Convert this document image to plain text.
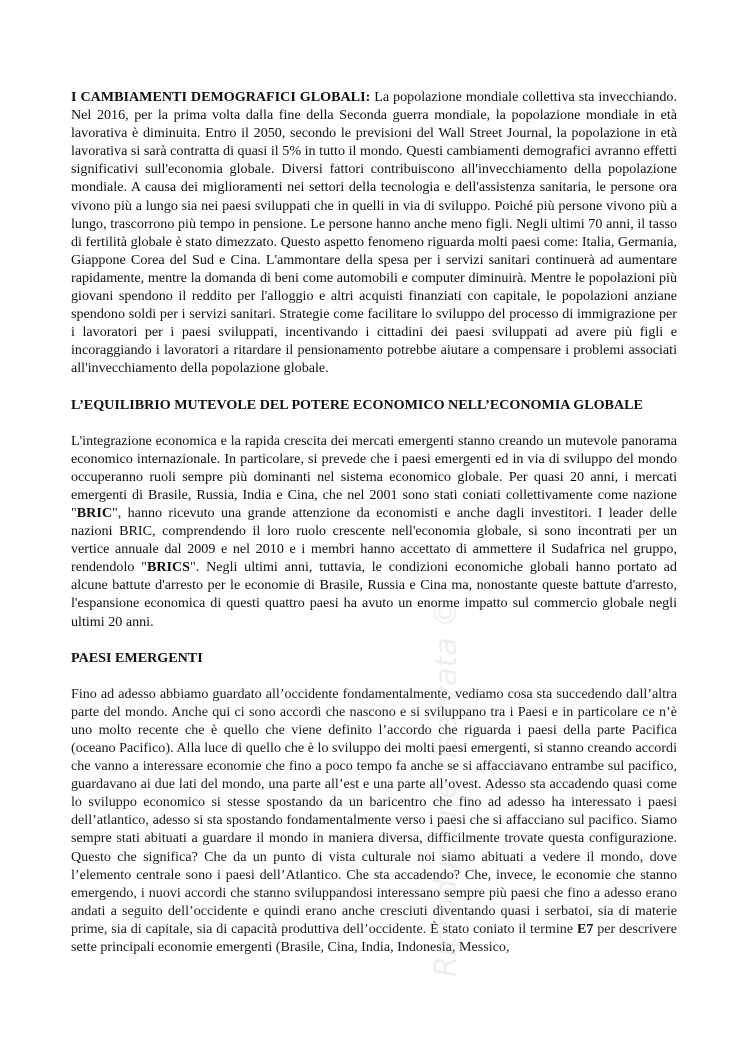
I CAMBIAMENTI DEMOGRAFICI GLOBALI: La popolazione mondiale collettiva sta invecchiando. Nel 2016, per la prima volta dalla fine della Seconda guerra mondiale, la popolazione mondiale in età lavorativa è diminuita. Entro il 2050, secondo le previsioni del Wall Street Journal, la popolazione in età lavorativa si sarà contratta di quasi il 5% in tutto il mondo. Questi cambiamenti demografici avranno effetti significativi sull'economia globale. Diversi fattori contribuiscono all'invecchiamento della popolazione mondiale. A causa dei miglioramenti nei settori della tecnologia e dell'assistenza sanitaria, le persone ora vivono più a lungo sia nei paesi sviluppati che in quelli in via di sviluppo. Poiché più persone vivono più a lungo, trascorrono più tempo in pensione. Le persone hanno anche meno figli. Negli ultimi 70 anni, il tasso di fertilità globale è stato dimezzato. Questo aspetto fenomeno riguarda molti paesi come: Italia, Germania, Giappone Corea del Sud e Cina. L'ammontare della spesa per i servizi sanitari continuerà ad aumentare rapidamente, mentre la domanda di beni come automobili e computer diminuirà. Mentre le popolazioni più giovani spendono il reddito per l'alloggio e altri acquisti finanziati con capitale, le popolazioni anziane spendono soldi per i servizi sanitari. Strategie come facilitare lo sviluppo del processo di immigrazione per i lavoratori per i paesi sviluppati, incentivando i cittadini dei paesi sviluppati ad avere più figli e incoraggiando i lavoratori a ritardare il pensionamento potrebbe aiutare a compensare i problemi associati all'invecchiamento della popolazione globale.

L’EQUILIBRIO MUTEVOLE DEL POTERE ECONOMICO NELL’ECONOMIA GLOBALE

L'integrazione economica e la rapida crescita dei mercati emergenti stanno creando un mutevole panorama economico internazionale. In particolare, si prevede che i paesi emergenti ed in via di sviluppo del mondo occuperanno ruoli sempre più dominanti nel sistema economico globale. Per quasi 20 anni, i mercati emergenti di Brasile, Russia, India e Cina, che nel 2001 sono stati coniati collettivamente come nazione "BRIC", hanno ricevuto una grande attenzione da economisti e anche dagli investitori. I leader delle nazioni BRIC, comprendendo il loro ruolo crescente nell'economia globale, si sono incontrati per un vertice annuale dal 2009 e nel 2010 e i membri hanno accettato di ammettere il Sudafrica nel gruppo, rendendolo "BRICS". Negli ultimi anni, tuttavia, le condizioni economiche globali hanno portato ad alcune battute d'arresto per le economie di Brasile, Russia e Cina ma, nonostante queste battute d'arresto, l'espansione economica di questi quattro paesi ha avuto un enorme impatto sul commercio globale negli ultimi 20 anni.

PAESI EMERGENTI

Fino ad adesso abbiamo guardato all’occidente fondamentalmente, vediamo cosa sta succedendo dall’altra parte del mondo. Anche qui ci sono accordi che nascono e si sviluppano tra i Paesi e in particolare ce n’è uno molto recente che è quello che viene definito l’accordo che riguarda i paesi della parte Pacifica (oceano Pacifico). Alla luce di quello che è lo sviluppo dei molti paesi emergenti, si stanno creando accordi che vanno a interessare economie che fino a poco tempo fa anche se si affacciavano entrambe sul pacifico, guardavano ai due lati del mondo, una parte all’est e una parte all’ovest. Adesso sta accadendo quasi come lo sviluppo economico si stesse spostando da un baricentro che fino ad adesso ha interessato i paesi dell’atlantico, adesso si sta spostando fondamentalmente verso i paesi che si affacciano sul pacifico. Siamo sempre stati abituati a guardare il mondo in maniera diversa, difficilmente trovate questa configurazione. Questo che significa? Che da un punto di vista culturale noi siamo abituati a vedere il mondo, dove l’elemento centrale sono i paesi dell’Atlantico. Che sta accadendo? Che, invece, le economie che stanno emergendo, i nuovi accordi che stanno sviluppandosi interessano sempre più paesi che fino a adesso erano andati a seguito dell’occidente e quindi erano anche cresciuti diventando quasi i serbatoi, sia di materie prime, sia di capitale, sia di capacità produttiva dell’occidente. È stato coniato il termine E7 per descrivere sette principali economie emergenti (Brasile, Cina, India, Indonesia, Messico,

Riproduzione riservata ©
